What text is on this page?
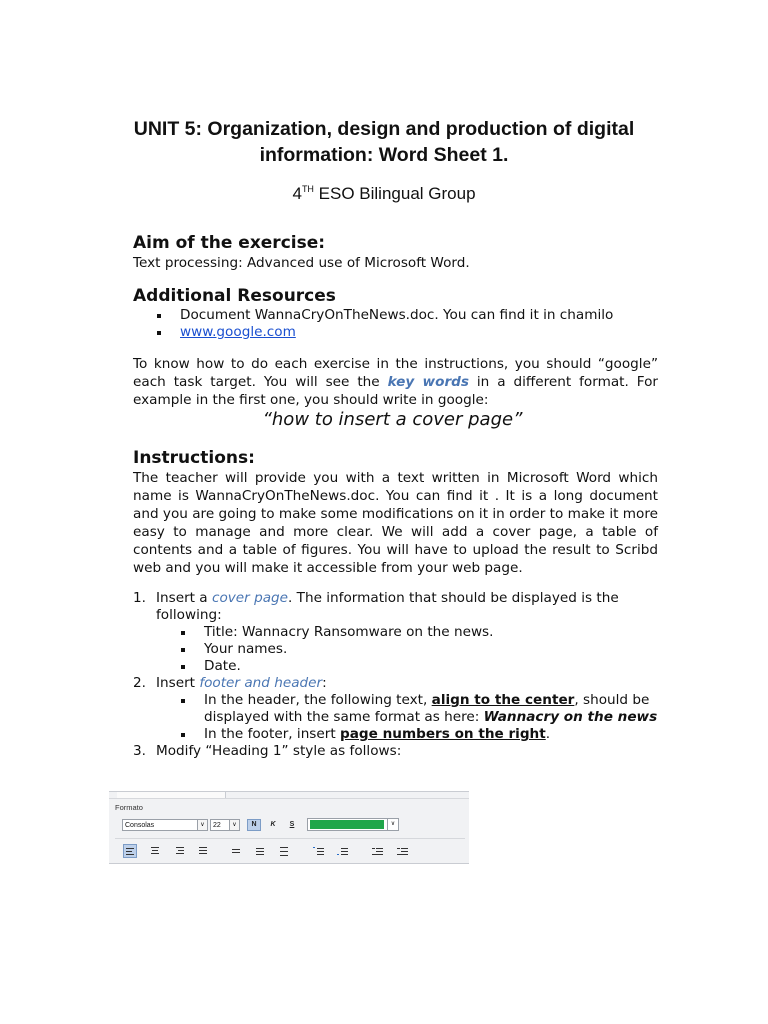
UNIT 5: Organization, design and production of digital information: Word Sheet 1.
4TH ESO Bilingual Group
Aim of the exercise:

Text processing: Advanced use of Microsoft Word.

Additional Resources
Document WannaCryOnTheNews.doc. You can find it in chamilo
www.google.com

To know how to do each exercise in the instructions, you should “google” each task target. You will see the key words in a different format. For example in the first one, you should write in google:

“how to insert a cover page”

Instructions:

The teacher will provide you with a text written in Microsoft Word which name is WannaCryOnTheNews.doc. You can find it . It is a long document and you are going to make some modifications on it in order to make it more easy to manage and more clear. We will add a cover page, a table of contents and a table of figures. You will have to upload the result to Scribd web and you will make it accessible from your web page.

1. Insert a cover page. The information that should be displayed is the following:
Title: Wannacry Ransomware on the news.
Your names.
Date.
2. Insert footer and header:
In the header, the following text, align to the center, should be displayed with the same format as here: Wannacry on the news
In the footer, insert page numbers on the right.
3. Modify “Heading 1” style as follows:
Formato
Consolas	∨	22	∨	N	K	S	∨
